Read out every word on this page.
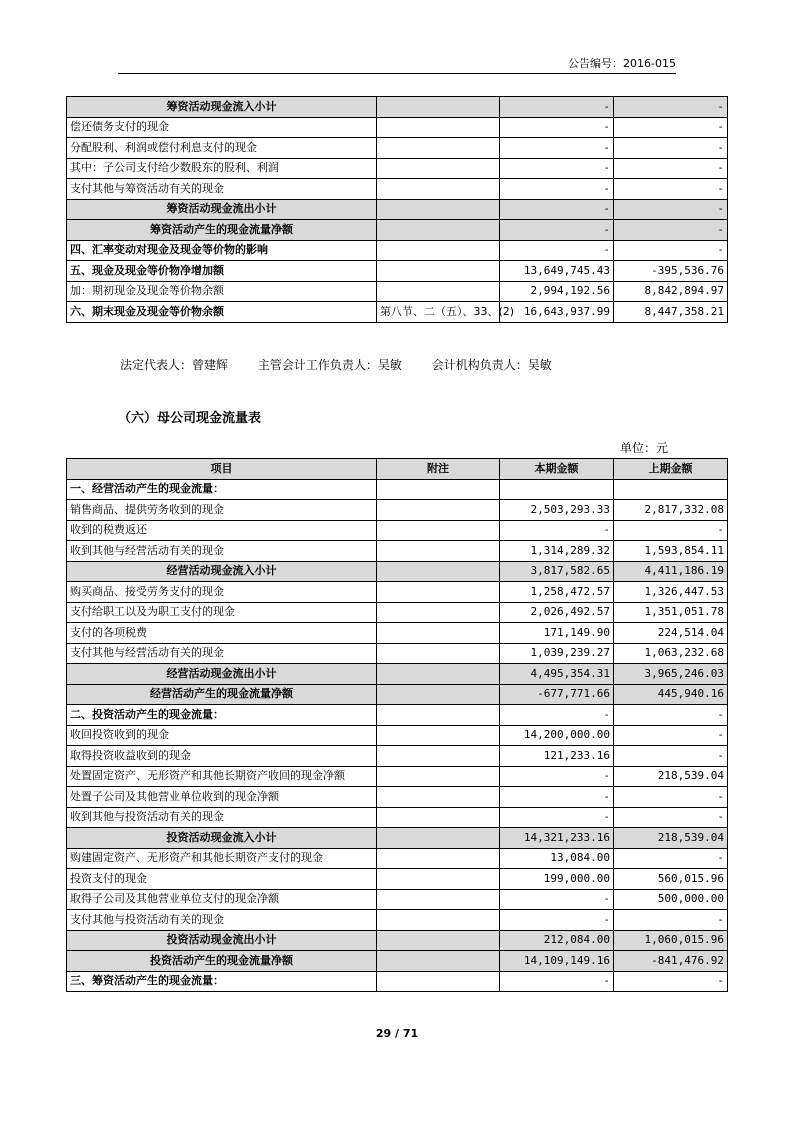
公告编号：2016-015
筹资活动现金流入小计		-	-
偿还债务支付的现金		-	-
分配股利、利润或偿付利息支付的现金		-	-
其中：子公司支付给少数股东的股利、利润		-	-
支付其他与筹资活动有关的现金		-	-
筹资活动现金流出小计		-	-
筹资活动产生的现金流量净额		-	-
四、汇率变动对现金及现金等价物的影响		-	-
五、现金及现金等价物净增加额		13,649,745.43	-395,536.76
加：期初现金及现金等价物余额		2,994,192.56	8,842,894.97
六、期末现金及现金等价物余额	第八节、二（五）、33、(2)	16,643,937.99	8,447,358.21
法定代表人：曾建辉 主管会计工作负责人：吴敏 会计机构负责人：吴敏
（六）母公司现金流量表
单位：元
项目	附注	本期金额	上期金额
一、经营活动产生的现金流量：			
销售商品、提供劳务收到的现金		2,503,293.33	2,817,332.08
收到的税费返还		-	-
收到其他与经营活动有关的现金		1,314,289.32	1,593,854.11
经营活动现金流入小计		3,817,582.65	4,411,186.19
购买商品、接受劳务支付的现金		1,258,472.57	1,326,447.53
支付给职工以及为职工支付的现金		2,026,492.57	1,351,051.78
支付的各项税费		171,149.90	224,514.04
支付其他与经营活动有关的现金		1,039,239.27	1,063,232.68
经营活动现金流出小计		4,495,354.31	3,965,246.03
经营活动产生的现金流量净额		-677,771.66	445,940.16
二、投资活动产生的现金流量：		-	-
收回投资收到的现金		14,200,000.00	-
取得投资收益收到的现金		121,233.16	-
处置固定资产、无形资产和其他长期资产收回的现金净额		-	218,539.04
处置子公司及其他营业单位收到的现金净额		-	-
收到其他与投资活动有关的现金		-	-
投资活动现金流入小计		14,321,233.16	218,539.04
购建固定资产、无形资产和其他长期资产支付的现金		13,084.00	-
投资支付的现金		199,000.00	560,015.96
取得子公司及其他营业单位支付的现金净额		-	500,000.00
支付其他与投资活动有关的现金		-	-
投资活动现金流出小计		212,084.00	1,060,015.96
投资活动产生的现金流量净额		14,109,149.16	-841,476.92
三、筹资活动产生的现金流量：		-	-
29 / 71
